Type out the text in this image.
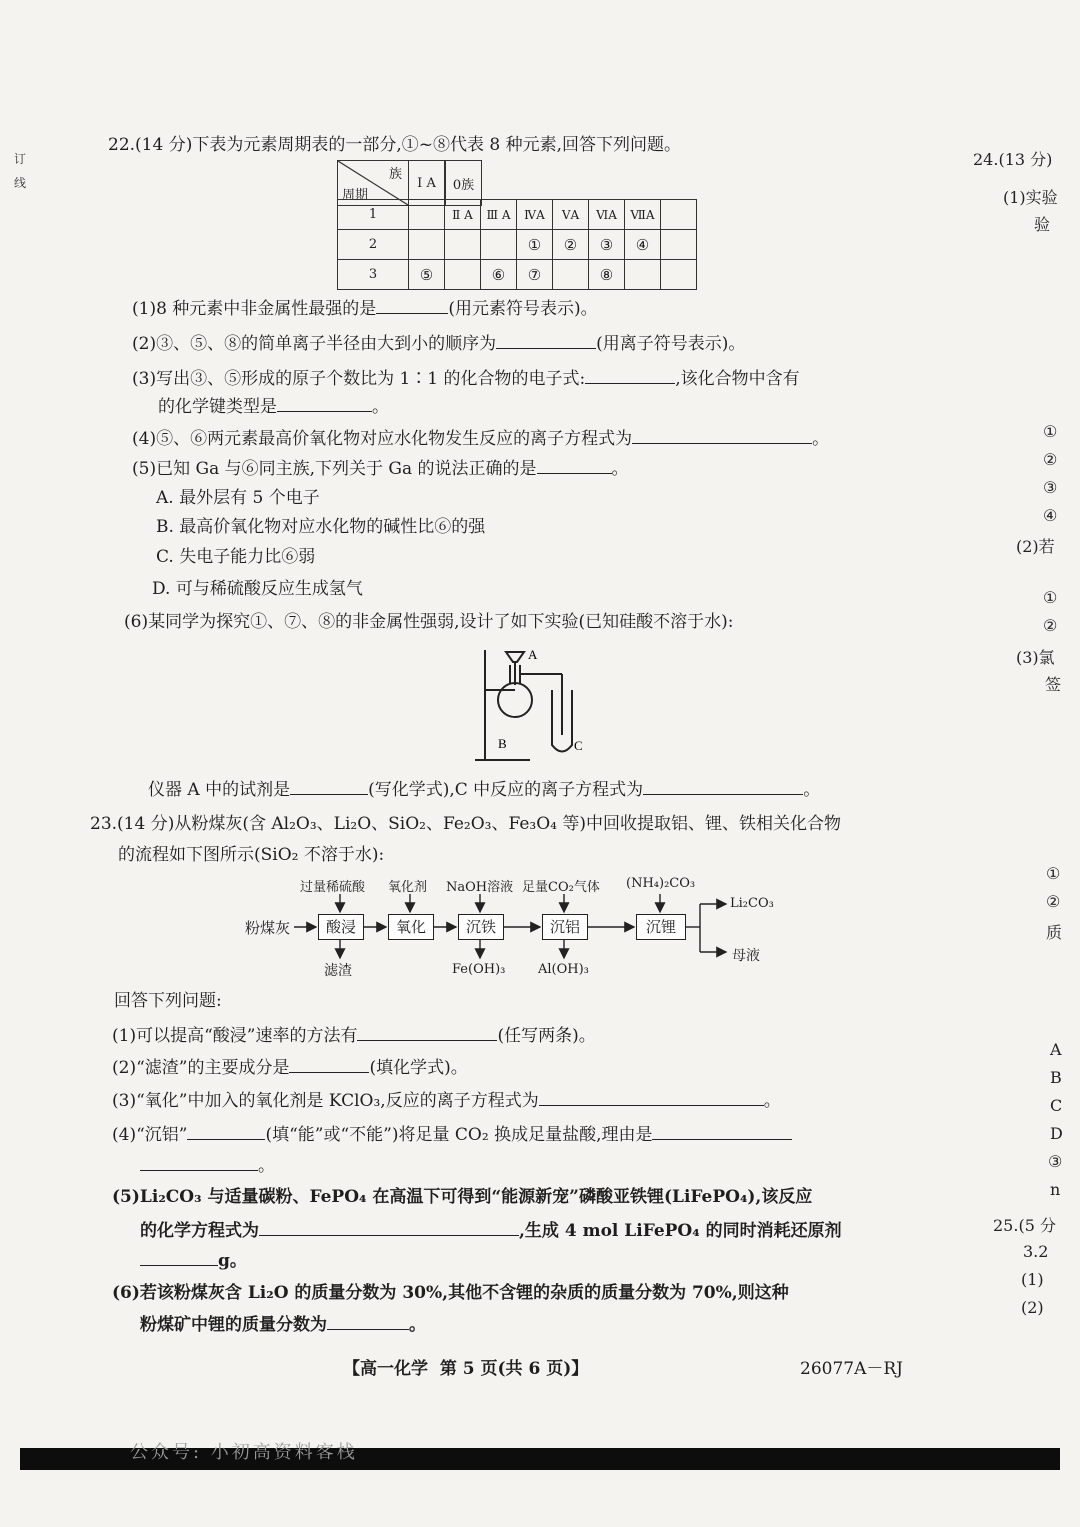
订
线
22.(14 分)下表为元素周期表的一部分,①~⑧代表 8 种元素,回答下列问题。
族
周期
	I A		0族
1		Ⅱ A	Ⅲ A	ⅣA	ⅤA	ⅥA	ⅦA	
2				①	②	③	④	
3	⑤		⑥	⑦		⑧		
(1)8 种元素中非金属性最强的是	(用元素符号表示)。
(2)③、⑤、⑧的简单离子半径由大到小的顺序为	(用离子符号表示)。
(3)写出③、⑤形成的原子个数比为 1∶1 的化合物的电子式:	,该化合物中含有
的化学键类型是	。
(4)⑤、⑥两元素最高价氧化物对应水化物发生反应的离子方程式为	。
(5)已知 Ga 与⑥同主族,下列关于 Ga 的说法正确的是	。
A. 最外层有 5 个电子
B. 最高价氧化物对应水化物的碱性比⑥的强
C. 失电子能力比⑥弱
D. 可与稀硫酸反应生成氢气
(6)某同学为探究①、⑦、⑧的非金属性强弱,设计了如下实验(已知硅酸不溶于水):
A
B	C
仪器 A 中的试剂是	(写化学式),C 中反应的离子方程式为	。
23.(14 分)从粉煤灰(含 Al₂O₃、Li₂O、SiO₂、Fe₂O₃、Fe₃O₄ 等)中回收提取铝、锂、铁相关化合物
的流程如下图所示(SiO₂ 不溶于水):
粉煤灰
过量稀硫酸 氧化剂 NaOH溶液 足量CO₂气体 (NH₄)₂CO₃
酸浸	氧化	沉铁	沉铝	沉锂
滤渣	Fe(OH)₃	Al(OH)₃
Li₂CO₃
母液
回答下列问题:
(1)可以提高“酸浸”速率的方法有	(任写两条)。
(2)“滤渣”的主要成分是	(填化学式)。
(3)“氧化”中加入的氧化剂是 KClO₃,反应的离子方程式为	。
(4)“沉铝”	(填“能”或“不能”)将足量 CO₂ 换成足量盐酸,理由是
。
(5)Li₂CO₃ 与适量碳粉、FePO₄ 在高温下可得到“能源新宠”磷酸亚铁锂(LiFePO₄),该反应
的化学方程式为	,生成 4 mol LiFePO₄ 的同时消耗还原剂
g。
(6)若该粉煤灰含 Li₂O 的质量分数为 30%,其他不含锂的杂质的质量分数为 70%,则这种
粉煤矿中锂的质量分数为	。
【高一化学 第 5 页(共 6 页)】	26077A－RJ
公众号: 小初高资料客栈
24.(13 分)
(1)实验
验
①
②
③
④
(2)若
①
②
(3)氯
签
①
②
质
A
B
C
D
③
n
25.(5 分
3.2
(1)
(2)
